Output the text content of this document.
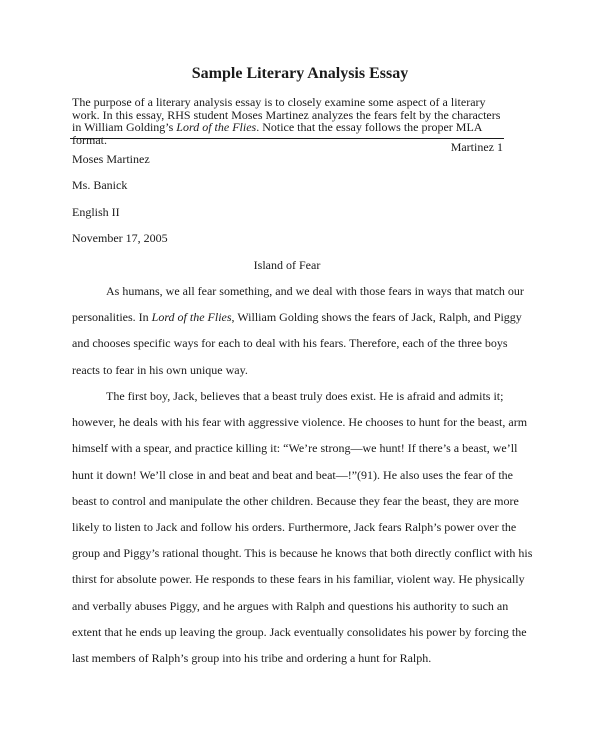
Sample Literary Analysis Essay

The purpose of a literary analysis essay is to closely examine some aspect of a literary work. In this essay, RHS student Moses Martinez analyzes the fears felt by the characters in William Golding’s Lord of the Flies. Notice that the essay follows the proper MLA format.

Martinez 1
Moses Martinez
Ms. Banick
English II
November 17, 2005
Island of Fear
As humans, we all fear something, and we deal with those fears in ways that match our
personalities. In Lord of the Flies, William Golding shows the fears of Jack, Ralph, and Piggy
and chooses specific ways for each to deal with his fears. Therefore, each of the three boys
reacts to fear in his own unique way.
The first boy, Jack, believes that a beast truly does exist. He is afraid and admits it;
however, he deals with his fear with aggressive violence. He chooses to hunt for the beast, arm
himself with a spear, and practice killing it: “We’re strong—we hunt! If there’s a beast, we’ll
hunt it down! We’ll close in and beat and beat and beat—!”(91). He also uses the fear of the
beast to control and manipulate the other children. Because they fear the beast, they are more
likely to listen to Jack and follow his orders. Furthermore, Jack fears Ralph’s power over the
group and Piggy’s rational thought. This is because he knows that both directly conflict with his
thirst for absolute power. He responds to these fears in his familiar, violent way. He physically
and verbally abuses Piggy, and he argues with Ralph and questions his authority to such an
extent that he ends up leaving the group. Jack eventually consolidates his power by forcing the
last members of Ralph’s group into his tribe and ordering a hunt for Ralph.
